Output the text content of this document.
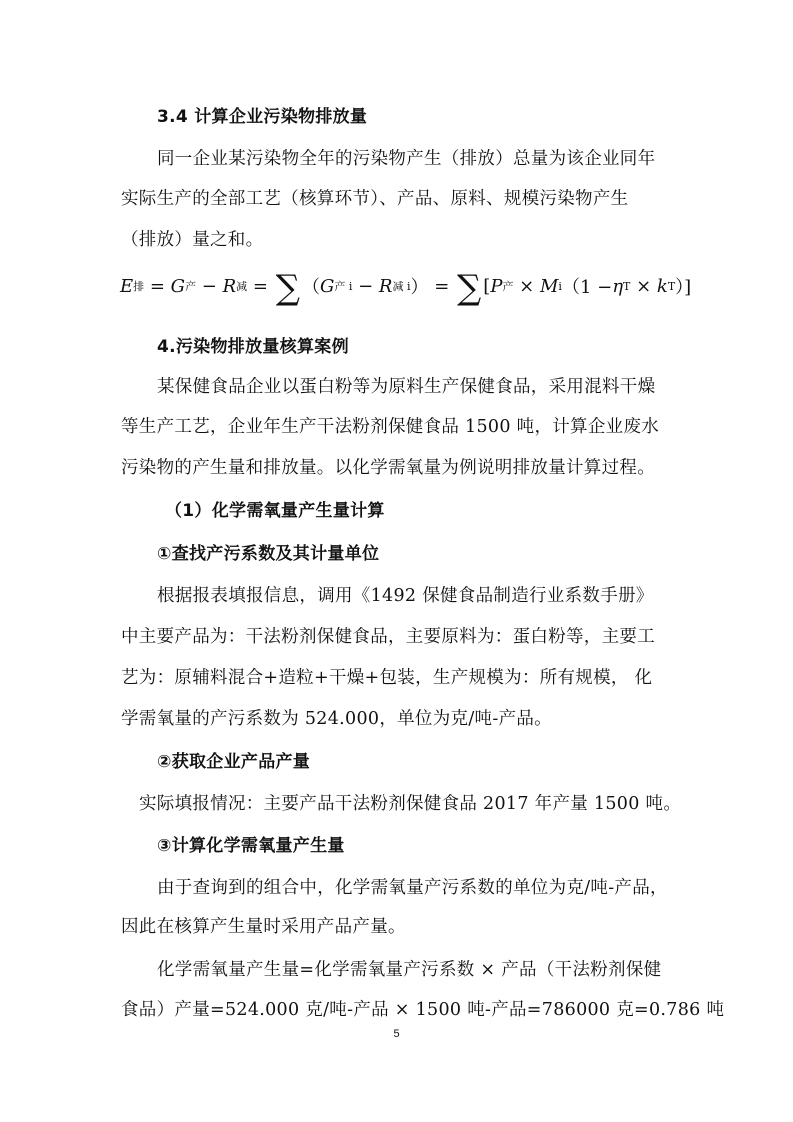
3.4 计算企业污染物排放量
同一企业某污染物全年的污染物产生（排放）总量为该企业同年
实际生产的全部工艺（核算环节）、产品、原料、规模污染物产生
（排放）量之和。
E 排 = G 产 − R 减 = ∑ （ G 产 i − R 减 i ） = ∑ [ P 产 × M i （1 − η T × k T ）]
4.污染物排放量核算案例
某保健食品企业以蛋白粉等为原料生产保健食品，采用混料干燥
等生产工艺，企业年生产干法粉剂保健食品 1500 吨，计算企业废水
污染物的产生量和排放量。以化学需氧量为例说明排放量计算过程。
（1）化学需氧量产生量计算
①查找产污系数及其计量单位
根据报表填报信息，调用《1492 保健食品制造行业系数手册》
中主要产品为：干法粉剂保健食品，主要原料为：蛋白粉等，主要工
艺为：原辅料混合+造粒+干燥+包装，生产规模为：所有规模， 化
学需氧量的产污系数为 524.000，单位为克/吨-产品。
②获取企业产品产量
实际填报情况：主要产品干法粉剂保健食品 2017 年产量 1500 吨。
③计算化学需氧量产生量
由于查询到的组合中，化学需氧量产污系数的单位为克/吨-产品，
因此在核算产生量时采用产品产量。
化学需氧量产生量=化学需氧量产污系数 × 产品（干法粉剂保健
食品）产量=524.000 克/吨-产品 × 1500 吨-产品=786000 克=0.786 吨
5
